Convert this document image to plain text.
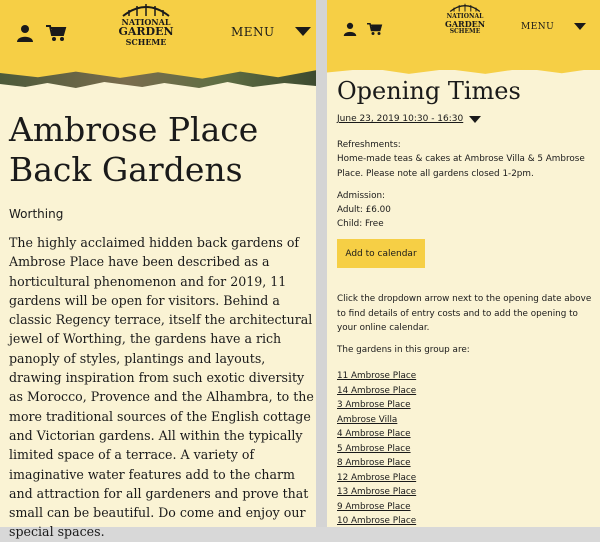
NATIONAL
GARDEN
SCHEME
MENU
Ambrose Place
Back Gardens
Worthing

The highly acclaimed hidden back gardens of Ambrose Place have been described as a horticultural phenomenon and for 2019, 11 gardens will be open for visitors. Behind a classic Regency terrace, itself the architectural jewel of Worthing, the gardens have a rich panoply of styles, plantings and layouts, drawing inspiration from such exotic diversity as Morocco, Provence and the Alhambra, to the more traditional sources of the English cottage and Victorian gardens. All within the typically limited space of a terrace. A variety of imaginative water features add to the charm and attraction for all gardeners and prove that small can be beautiful. Do come and enjoy our special spaces.

NATIONAL
GARDEN
SCHEME	MENU
Opening Times
June 23, 2019 10:30 - 16:30

Refreshments:

Home-made teas & cakes at Ambrose Villa & 5 Ambrose Place. Please note all gardens closed 1-2pm.

Admission:

Adult: £6.00

Child: Free

Add to calendar

Click the dropdown arrow next to the opening date above to find details of entry costs and to add the opening to your online calendar.

The gardens in this group are:

11 Ambrose Place
14 Ambrose Place
3 Ambrose Place
Ambrose Villa
4 Ambrose Place
5 Ambrose Place
8 Ambrose Place
12 Ambrose Place
13 Ambrose Place
9 Ambrose Place
10 Ambrose Place
